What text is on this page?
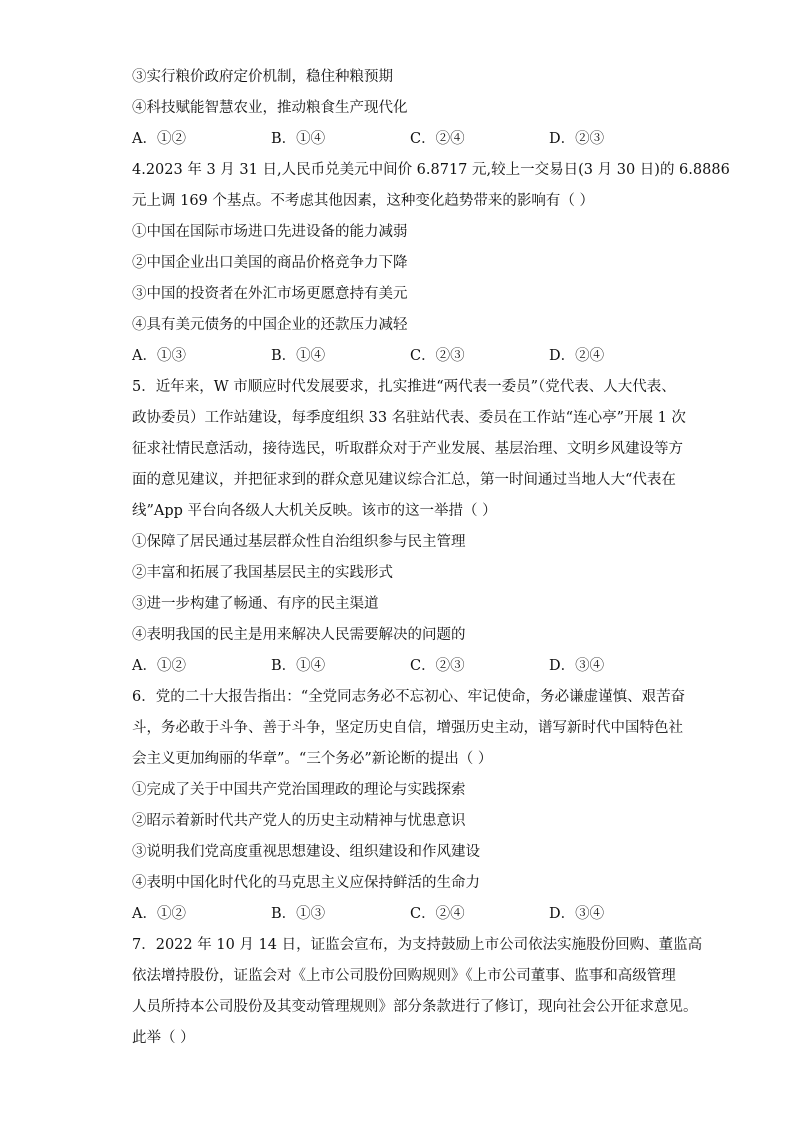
③实行粮价政府定价机制，稳住种粮预期
④科技赋能智慧农业，推动粮食生产现代化
A．①②	B．①④	C．②④	D．②③
4.2023 年 3 月 31 日,人民币兑美元中间价 6.8717 元,较上一交易日(3 月 30 日)的 6.8886
元上调 169 个基点。不考虑其他因素，这种变化趋势带来的影响有（ ）
①中国在国际市场进口先进设备的能力减弱
②中国企业出口美国的商品价格竞争力下降
③中国的投资者在外汇市场更愿意持有美元
④具有美元债务的中国企业的还款压力减轻
A．①③	B．①④	C．②③	D．②④
5．近年来，W 市顺应时代发展要求，扎实推进“两代表一委员”（党代表、人大代表、
政协委员）工作站建设，每季度组织 33 名驻站代表、委员在工作站“连心亭”开展 1 次
征求社情民意活动，接待选民，听取群众对于产业发展、基层治理、文明乡风建设等方
面的意见建议，并把征求到的群众意见建议综合汇总，第一时间通过当地人大“代表在
线”App 平台向各级人大机关反映。该市的这一举措（ ）
①保障了居民通过基层群众性自治组织参与民主管理
②丰富和拓展了我国基层民主的实践形式
③进一步构建了畅通、有序的民主渠道
④表明我国的民主是用来解决人民需要解决的问题的
A．①②	B．①④	C．②③	D．③④
6．党的二十大报告指出：“全党同志务必不忘初心、牢记使命，务必谦虚谨慎、艰苦奋
斗，务必敢于斗争、善于斗争，坚定历史自信，增强历史主动，谱写新时代中国特色社
会主义更加绚丽的华章”。“三个务必”新论断的提出（ ）
①完成了关于中国共产党治国理政的理论与实践探索
②昭示着新时代共产党人的历史主动精神与忧患意识
③说明我们党高度重视思想建设、组织建设和作风建设
④表明中国化时代化的马克思主义应保持鲜活的生命力
A．①②	B．①③	C．②④	D．③④
7．2022 年 10 月 14 日，证监会宣布，为支持鼓励上市公司依法实施股份回购、董监高
依法增持股份，证监会对《上市公司股份回购规则》《上市公司董事、监事和高级管理
人员所持本公司股份及其变动管理规则》部分条款进行了修订，现向社会公开征求意见。
此举（ ）
